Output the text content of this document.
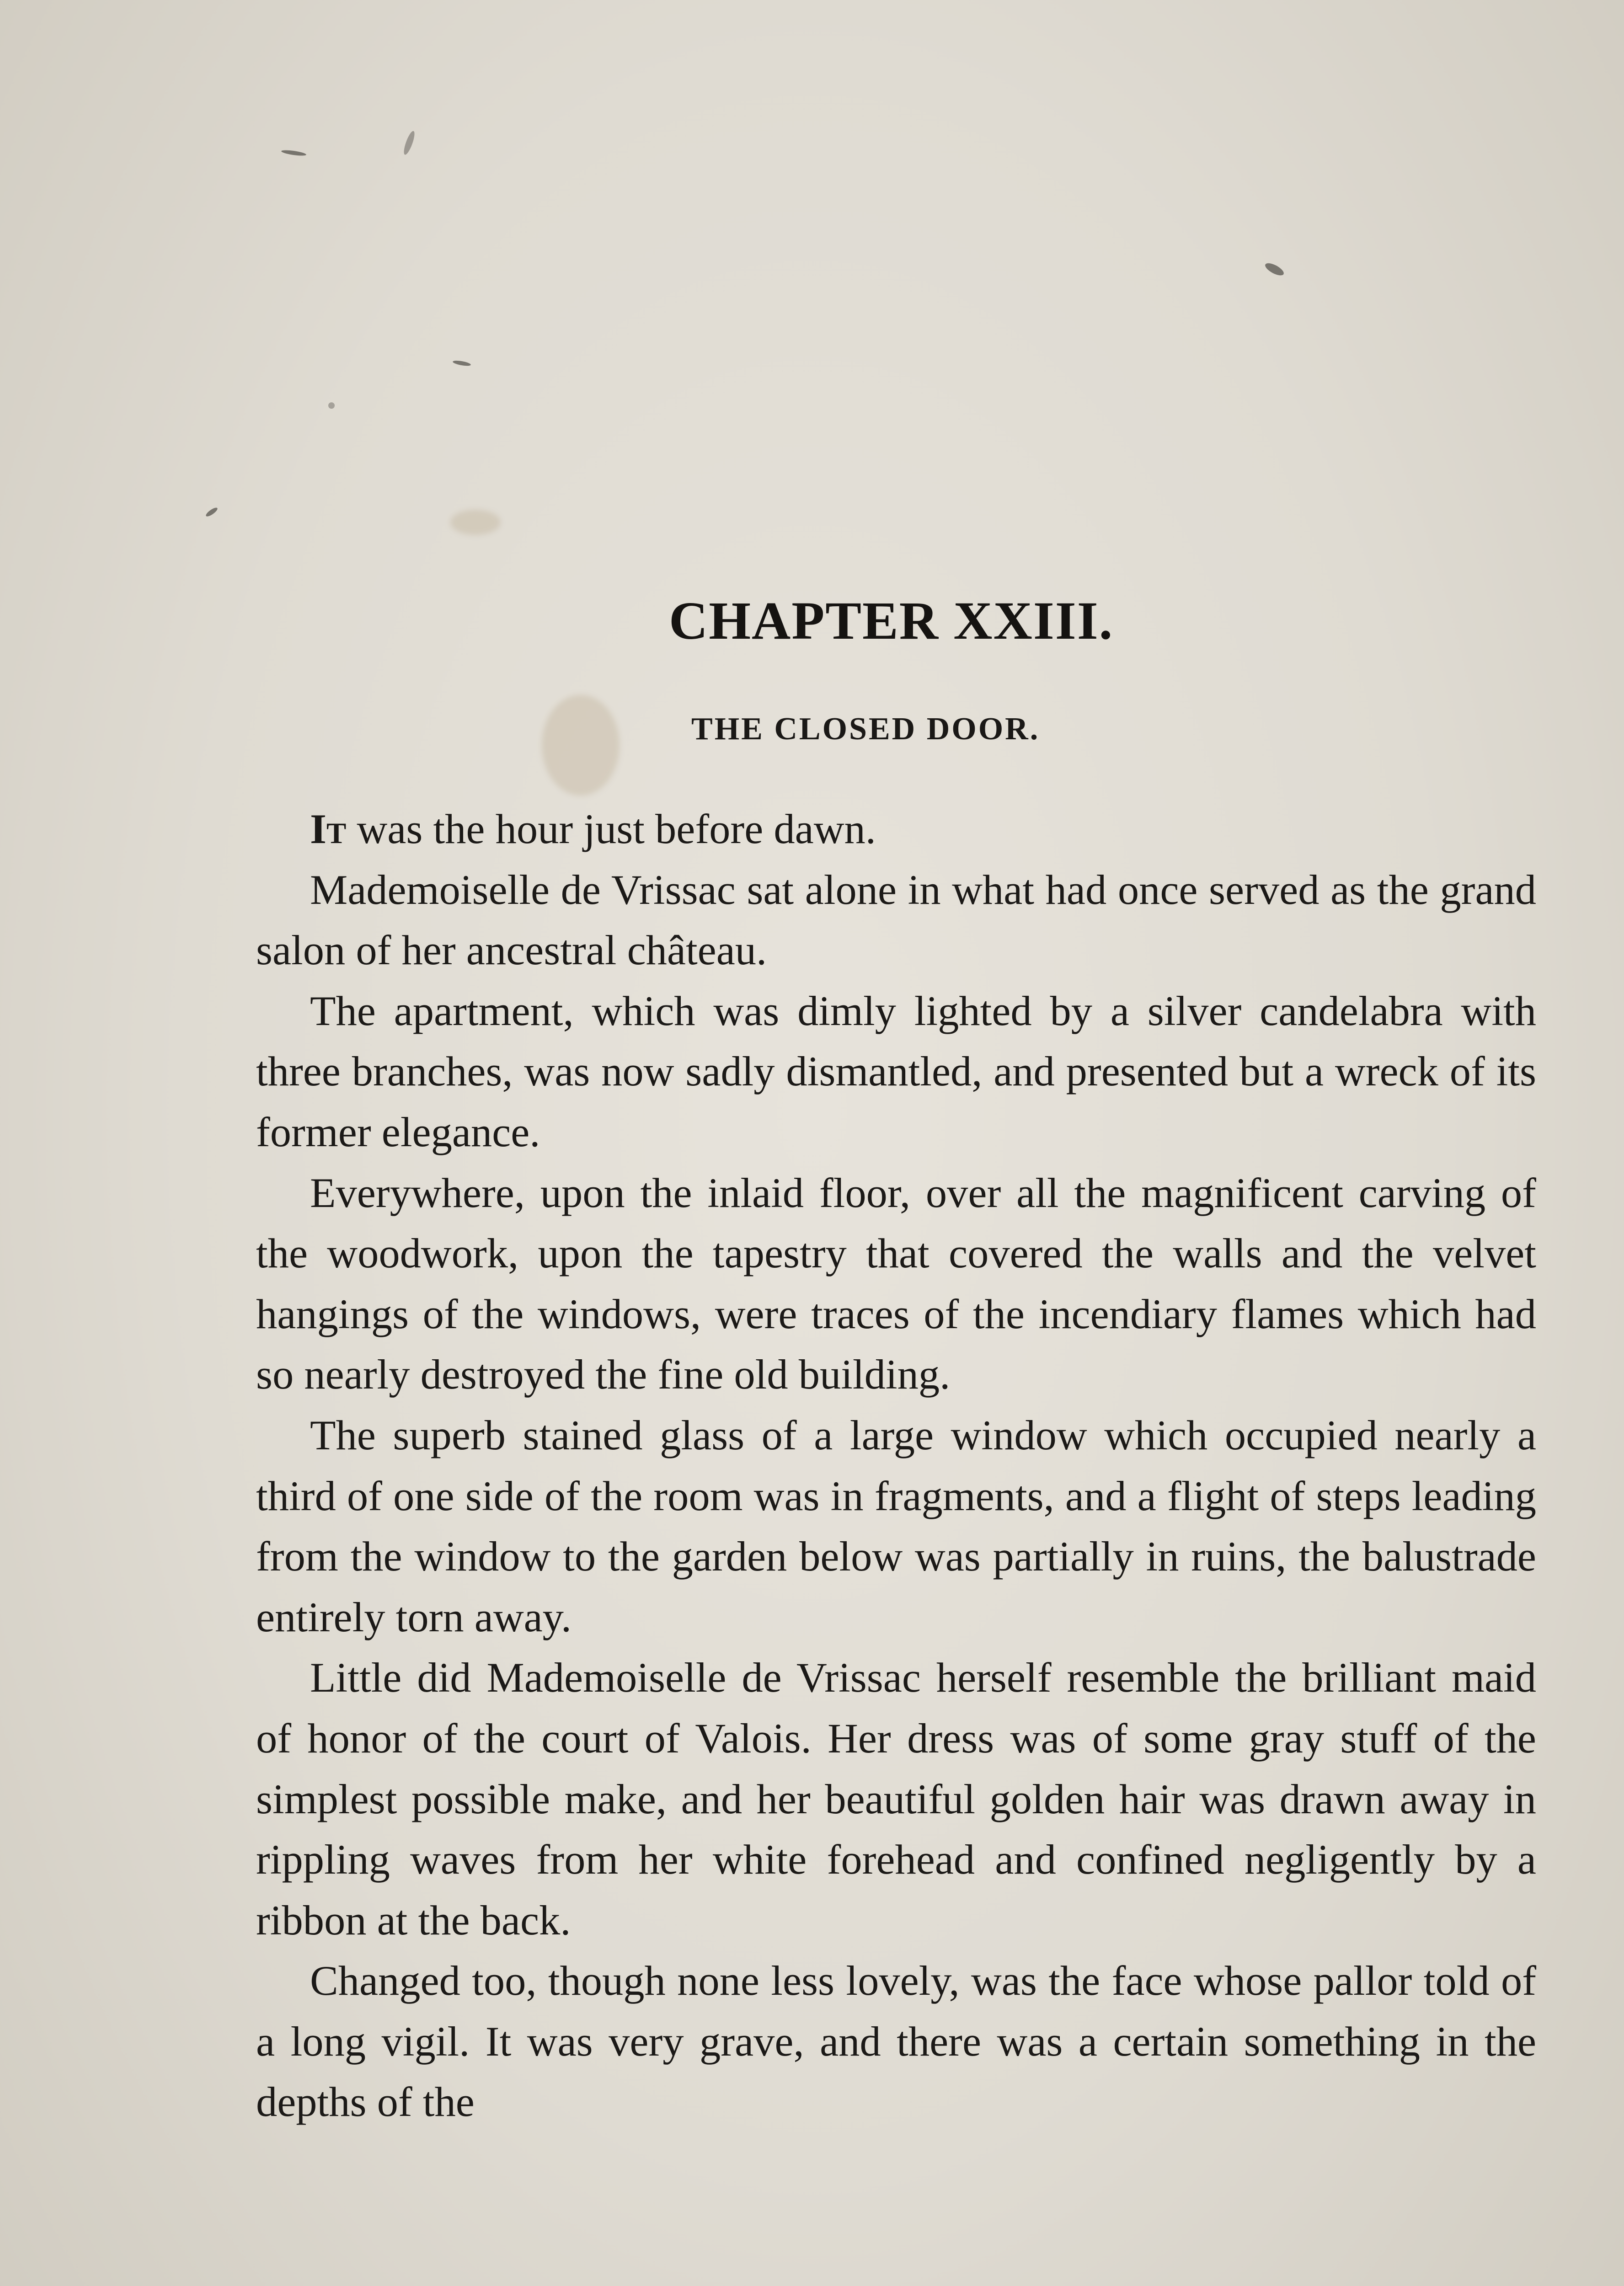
CHAPTER XXIII.
THE CLOSED DOOR.

It was the hour just before dawn.

Mademoiselle de Vrissac sat alone in what had once served as the grand salon of her ancestral château.

The apartment, which was dimly lighted by a silver candelabra with three branches, was now sadly dismantled, and presented but a wreck of its former elegance.

Everywhere, upon the inlaid floor, over all the magnificent carving of the woodwork, upon the tapestry that covered the walls and the velvet hangings of the windows, were traces of the incendiary flames which had so nearly destroyed the fine old building.

The superb stained glass of a large window which occupied nearly a third of one side of the room was in fragments, and a flight of steps leading from the window to the garden below was partially in ruins, the balustrade entirely torn away.

Little did Mademoiselle de Vrissac herself resemble the brilliant maid of honor of the court of Valois. Her dress was of some gray stuff of the simplest possible make, and her beautiful golden hair was drawn away in rippling waves from her white forehead and confined negligently by a ribbon at the back.

Changed too, though none less lovely, was the face whose pallor told of a long vigil. It was very grave, and there was a certain something in the depths of the
